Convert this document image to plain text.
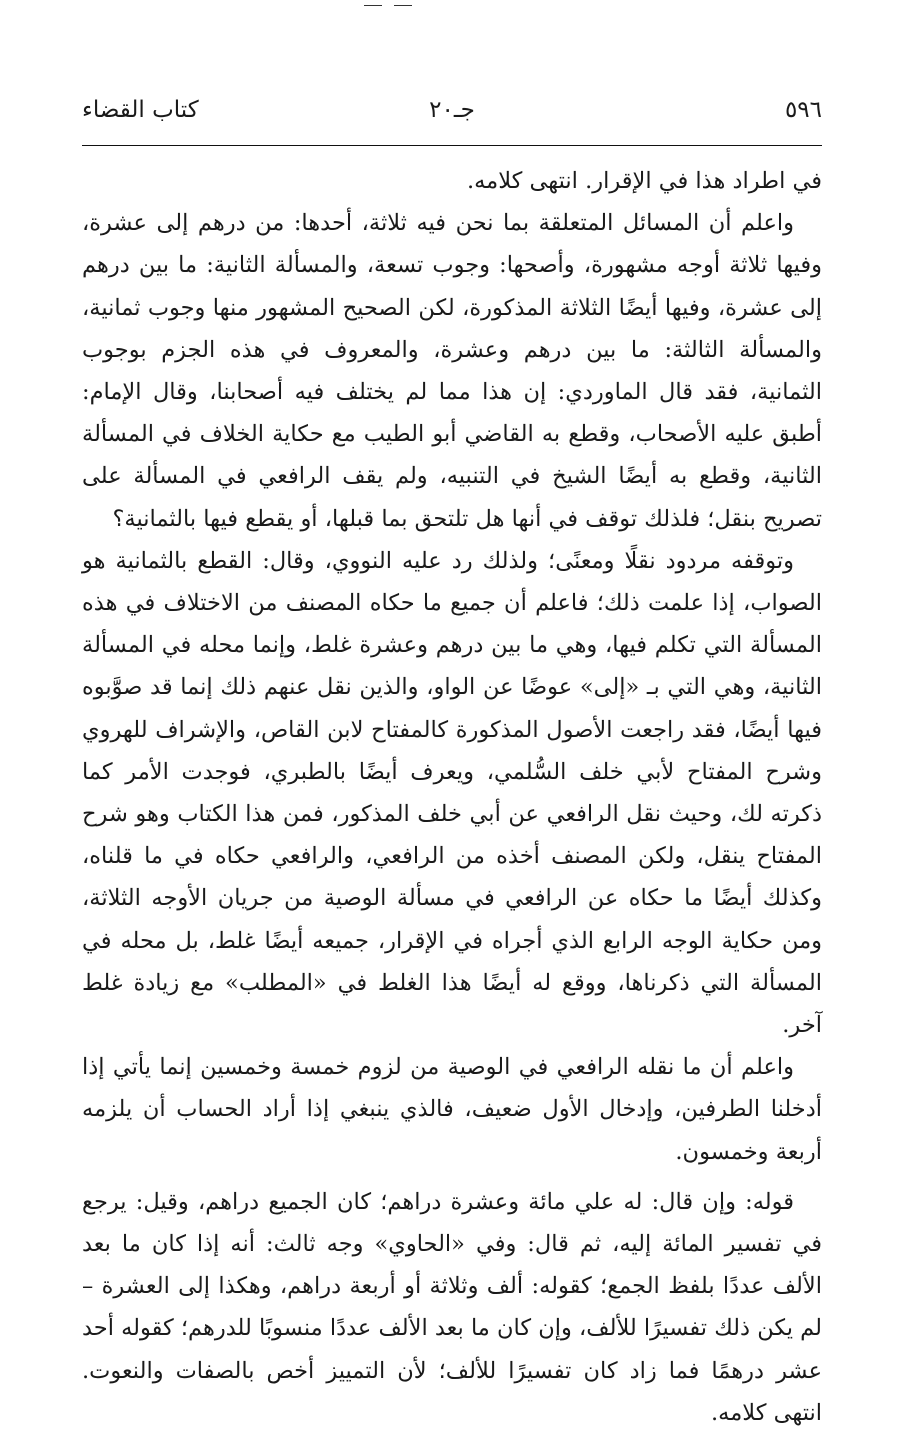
٥٩٦
جـ٢٠
كتاب القضاء

في اطراد هذا في الإقرار. انتهى كلامه.

واعلم أن المسائل المتعلقة بما نحن فيه ثلاثة، أحدها: من درهم إلى عشرة، وفيها ثلاثة أوجه مشهورة، وأصحها: وجوب تسعة، والمسألة الثانية: ما بين درهم إلى عشرة، وفيها أيضًا الثلاثة المذكورة، لكن الصحيح المشهور منها وجوب ثمانية، والمسألة الثالثة: ما بين درهم وعشرة، والمعروف في هذه الجزم بوجوب الثمانية، فقد قال الماوردي: إن هذا مما لم يختلف فيه أصحابنا، وقال الإمام: أطبق عليه الأصحاب، وقطع به القاضي أبو الطيب مع حكاية الخلاف في المسألة الثانية، وقطع به أيضًا الشيخ في التنبيه، ولم يقف الرافعي في المسألة على تصريح بنقل؛ فلذلك توقف في أنها هل تلتحق بما قبلها، أو يقطع فيها بالثمانية؟

وتوقفه مردود نقلًا ومعنًى؛ ولذلك رد عليه النووي، وقال: القطع بالثمانية هو الصواب، إذا علمت ذلك؛ فاعلم أن جميع ما حكاه المصنف من الاختلاف في هذه المسألة التي تكلم فيها، وهي ما بين درهم وعشرة غلط، وإنما محله في المسألة الثانية، وهي التي بـ «إلى» عوضًا عن الواو، والذين نقل عنهم ذلك إنما قد صوَّبوه فيها أيضًا، فقد راجعت الأصول المذكورة كالمفتاح لابن القاص، والإشراف للهروي وشرح المفتاح لأبي خلف السُّلمي، ويعرف أيضًا بالطبري، فوجدت الأمر كما ذكرته لك، وحيث نقل الرافعي عن أبي خلف المذكور، فمن هذا الكتاب وهو شرح المفتاح ينقل، ولكن المصنف أخذه من الرافعي، والرافعي حكاه في ما قلناه، وكذلك أيضًا ما حكاه عن الرافعي في مسألة الوصية من جريان الأوجه الثلاثة، ومن حكاية الوجه الرابع الذي أجراه في الإقرار، جميعه أيضًا غلط، بل محله في المسألة التي ذكرناها، ووقع له أيضًا هذا الغلط في «المطلب» مع زيادة غلط آخر.

واعلم أن ما نقله الرافعي في الوصية من لزوم خمسة وخمسين إنما يأتي إذا أدخلنا الطرفين، وإدخال الأول ضعيف، فالذي ينبغي إذا أراد الحساب أن يلزمه أربعة وخمسون.

قوله: وإن قال: له علي مائة وعشرة دراهم؛ كان الجميع دراهم، وقيل: يرجع في تفسير المائة إليه، ثم قال: وفي «الحاوي» وجه ثالث: أنه إذا كان ما بعد الألف عددًا بلفظ الجمع؛ كقوله: ألف وثلاثة أو أربعة دراهم، وهكذا إلى العشرة – لم يكن ذلك تفسيرًا للألف، وإن كان ما بعد الألف عددًا منسوبًا للدرهم؛ كقوله أحد عشر درهمًا فما زاد كان تفسيرًا للألف؛ لأن التمييز أخص بالصفات والنعوت. انتهى كلامه.
